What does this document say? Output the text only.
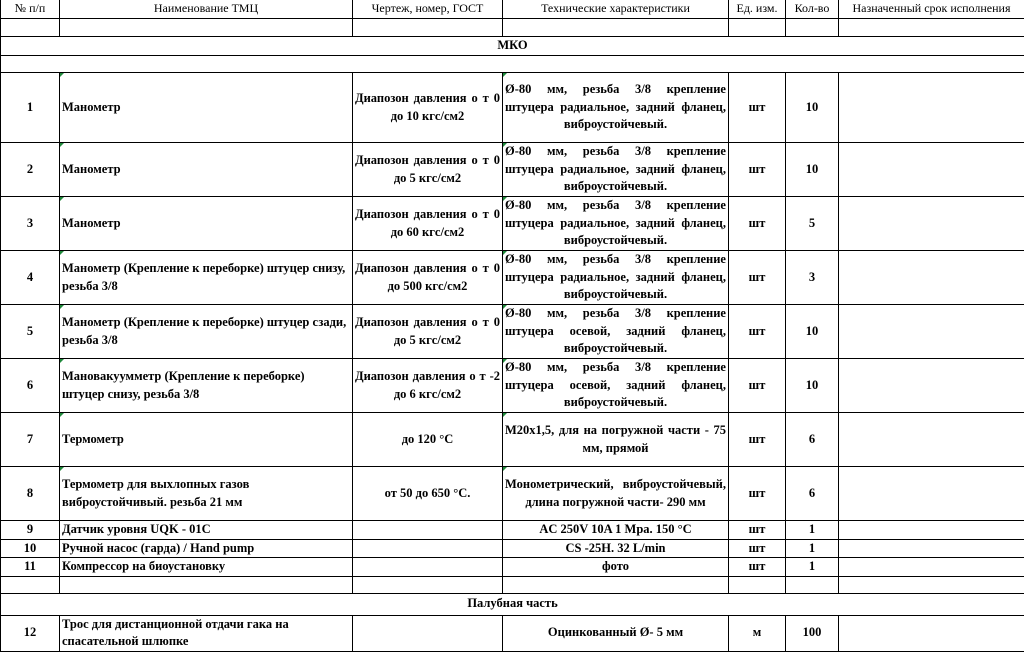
№ п/п	Наименование ТМЦ	Чертеж, номер, ГОСТ	Технические характеристики	Ед. изм.	Кол-во	Назначенный срок исполнения

МКО						

1	Манометр	Диапозон давления о т 0 до 10 кгс/см2	Ø-80 мм, резьба 3/8 крепление штуцера радиальное, задний фланец, виброустойчевый.	шт	10	
2	Манометр	Диапозон давления о т 0 до 5 кгс/см2	Ø-80 мм, резьба 3/8 крепление штуцера радиальное, задний фланец, виброустойчевый.	шт	10	
3	Манометр	Диапозон давления о т 0 до 60 кгс/см2	Ø-80 мм, резьба 3/8 крепление штуцера радиальное, задний фланец, виброустойчевый.	шт	5	
4	Манометр (Крепление к переборке) штуцер снизу, резьба 3/8	Диапозон давления о т 0 до 500 кгс/см2	Ø-80 мм, резьба 3/8 крепление штуцера радиальное, задний фланец, виброустойчевый.	шт	3	
5	Манометр (Крепление к переборке) штуцер сзади, резьба 3/8	Диапозон давления о т 0 до 5 кгс/см2	Ø-80 мм, резьба 3/8 крепление штуцера осевой, задний фланец, виброустойчевый.	шт	10	
6	Мановакуумметр (Крепление к переборке) штуцер снизу, резьба 3/8	Диапозон давления о т -2 до 6 кгс/см2	Ø-80 мм, резьба 3/8 крепление штуцера осевой, задний фланец, виброустойчевый.	шт	10	
7	Термометр	до 120 °С	М20х1,5, для на погружной части - 75 мм, прямой	шт	6	
8	Термометр для выхлопных газов виброустойчивый. резьба 21 мм	от 50 до 650 °С.	Монометрический, виброустойчевый, длина погружной части- 290 мм	шт	6	
9	Датчик уровня UQK - 01C		AC 250V 10A 1 Mpa. 150 °C	шт	1	
10	Ручной насос (гарда) / Hand pump		CS -25H. 32 L/min	шт	1	
11	Компрессор на биоустановку		фото	шт	1	

Палубная часть						
12	Трос для дистанционной отдачи гака на спасательной шлюпке		Оцинкованный Ø- 5 мм	м	100	
